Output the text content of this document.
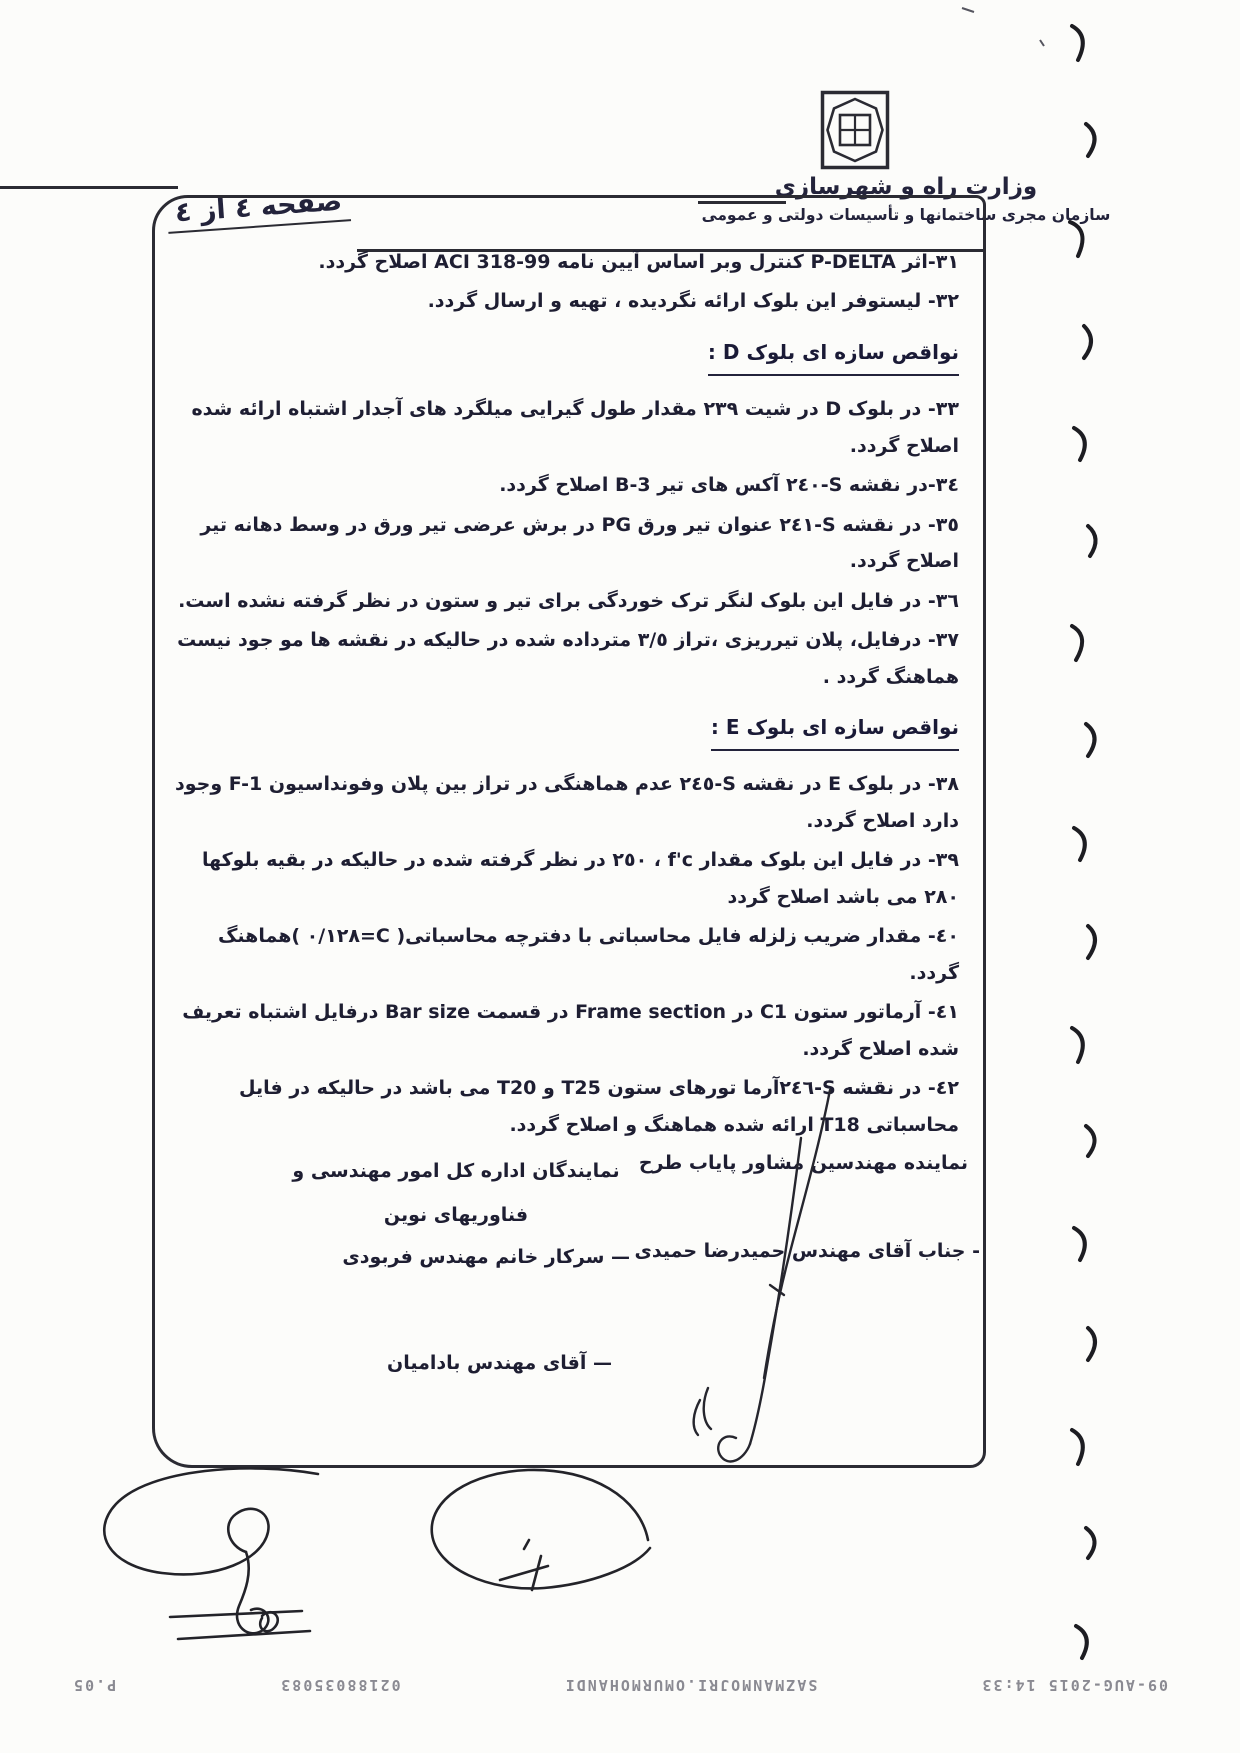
وزارت راه و شهرسازی
سازمان مجری ساختمانها و تأسیسات دولتی و عمومی
صفحه ٤ از ٤

٣١-اثر P-DELTA کنترل وبر اساس آیین نامه ACI 318-99 اصلاح گردد.

٣٢- لیستوفر این بلوک ارائه نگردیده ، تهیه و ارسال گردد.

نواقص سازه ای بلوک D :

٣٣- در بلوک D در شیت ٢٣٩ مقدار طول گیرایی میلگرد های آجدار اشتباه ارائه شده اصلاح گردد.

٣٤-در نقشه S-٢٤٠ آکس های تیر B-3 اصلاح گردد.

٣٥- در نقشه S-٢٤١ عنوان تیر ورق PG در برش عرضی تیر ورق در وسط دهانه تیر اصلاح گردد.

٣٦- در فایل این بلوک لنگر ترک خوردگی برای تیر و ستون در نظر گرفته نشده است.

٣٧- درفایل، پلان تیرریزی ،تراز ٣/٥ مترداده شده در حالیکه در نقشه ها مو جود نیست هماهنگ گردد .

نواقص سازه ای بلوک E :

٣٨- در بلوک E در نقشه S-٢٤٥ عدم هماهنگی در تراز بین پلان وفونداسیون F-1 وجود دارد اصلاح گردد.

٣٩- در فایل این بلوک مقدار f'c ، ٢٥٠ در نظر گرفته شده در حالیکه در بقیه بلوکها ٢٨٠ می باشد اصلاح گردد

٤٠- مقدار ضریب زلزله فایل محاسباتی با دفترچه محاسباتی( C=٠/١٢٨ )هماهنگ گردد.

٤١- آرماتور ستون C1 در Frame section در قسمت Bar size درفایل اشتباه تعریف شده اصلاح گردد.

٤٢- در نقشه S-٢٤٦آرما تورهای ستون T25 و T20 می باشد در حالیکه در فایل محاسباتی T18 ارائه شده هماهنگ و اصلاح گردد.

نماینده مهندسین مشاور پایاب طرح
نمایندگان اداره کل امور مهندسی و
فناوریهای نوین
- جناب آقای مهندس حمیدرضا حمیدی
— سرکار خانم مهندس فربودی
— آقای مهندس بادامیان
09-AUG-2015 14:33
SAZMANMOJRI.OMURMOHANDI
02188035083
P.05
